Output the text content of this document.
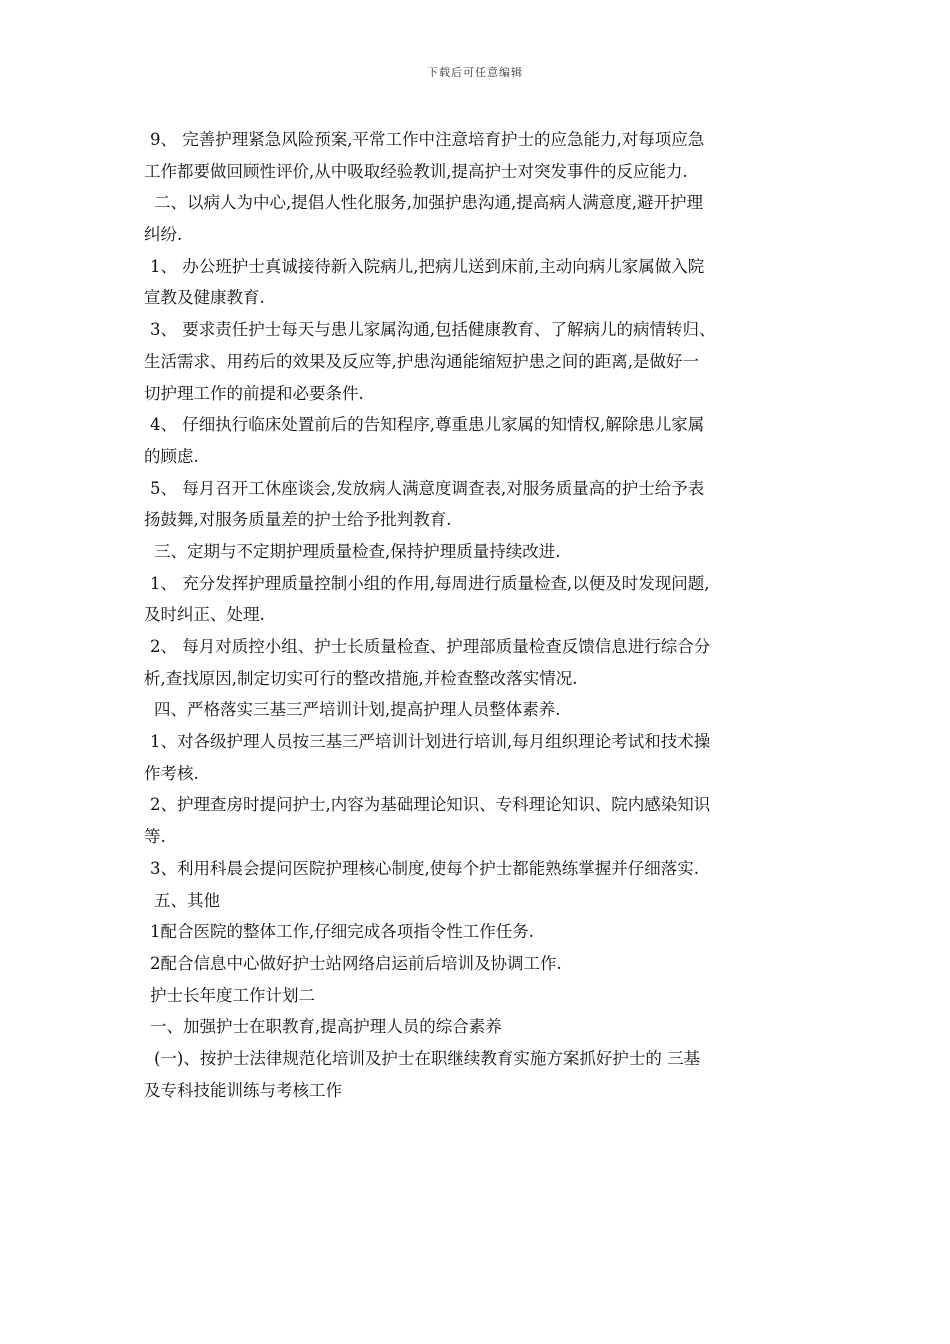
下载后可任意编辑
9、 完善护理紧急风险预案,平常工作中注意培育护士的应急能力,对每项应急
工作都要做回顾性评价,从中吸取经验教训,提高护士对突发事件的反应能力.
二、以病人为中心,提倡人性化服务,加强护患沟通,提高病人满意度,避开护理
纠纷.
1、 办公班护士真诚接待新入院病儿,把病儿送到床前,主动向病儿家属做入院
宣教及健康教育.
3、 要求责任护士每天与患儿家属沟通,包括健康教育、了解病儿的病情转归、
生活需求、用药后的效果及反应等,护患沟通能缩短护患之间的距离,是做好一
切护理工作的前提和必要条件.
4、 仔细执行临床处置前后的告知程序,尊重患儿家属的知情权,解除患儿家属
的顾虑.
5、 每月召开工休座谈会,发放病人满意度调查表,对服务质量高的护士给予表
扬鼓舞,对服务质量差的护士给予批判教育.
三、定期与不定期护理质量检查,保持护理质量持续改进.
1、 充分发挥护理质量控制小组的作用,每周进行质量检查,以便及时发现问题,
及时纠正、处理.
2、 每月对质控小组、护士长质量检查、护理部质量检查反馈信息进行综合分
析,查找原因,制定切实可行的整改措施,并检查整改落实情况.
四、严格落实三基三严培训计划,提高护理人员整体素养.
1、对各级护理人员按三基三严培训计划进行培训,每月组织理论考试和技术操
作考核.
2、护理查房时提问护士,内容为基础理论知识、专科理论知识、院内感染知识
等.
3、利用科晨会提问医院护理核心制度,使每个护士都能熟练掌握并仔细落实.
五、其他
1配合医院的整体工作,仔细完成各项指令性工作任务.
2配合信息中心做好护士站网络启运前后培训及协调工作.
护士长年度工作计划二
一、加强护士在职教育,提高护理人员的综合素养
(一)、按护士法律规范化培训及护士在职继续教育实施方案抓好护士的 三基
及专科技能训练与考核工作
